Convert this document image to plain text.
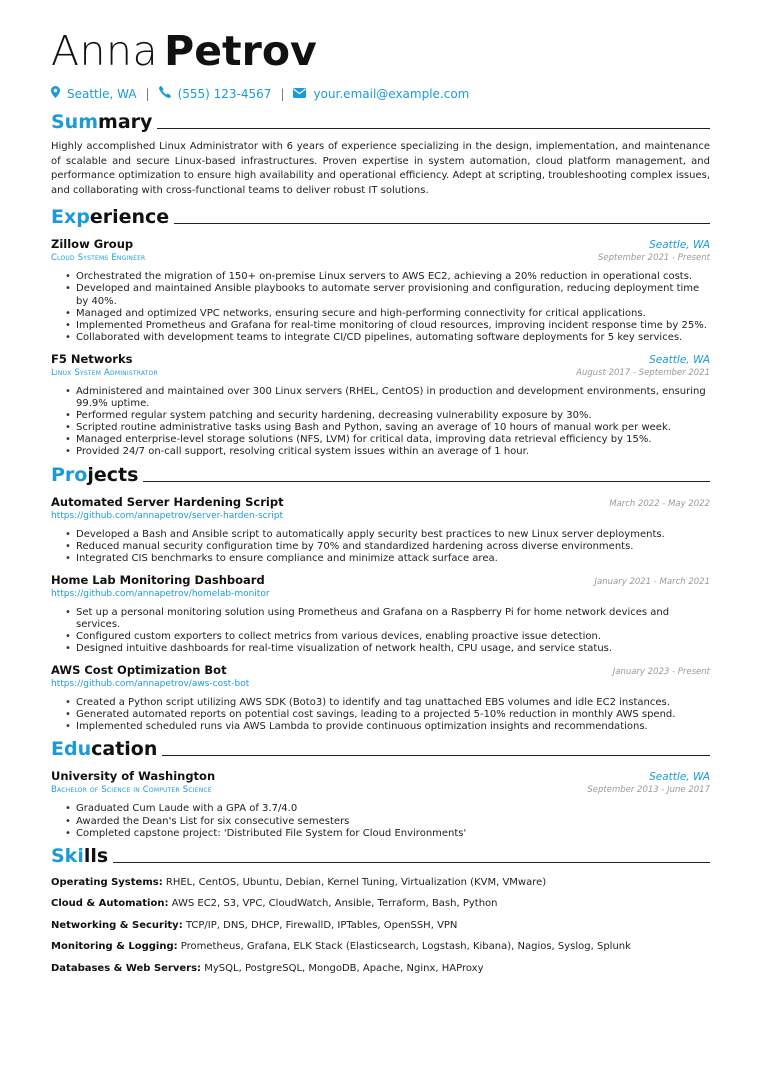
Anna Petrov
Seattle, WA | (555) 123-4567 | your.email@example.com
Summary

Highly accomplished Linux Administrator with 6 years of experience specializing in the design, implementation, and maintenance of scalable and secure Linux-based infrastructures. Proven expertise in system automation, cloud platform management, and performance optimization to ensure high availability and operational efficiency. Adept at scripting, troubleshooting complex issues, and collaborating with cross-functional teams to deliver robust IT solutions.

Experience
Zillow Group	Seattle, WA
Cloud Systems Engineer	September 2021 - Present
• Orchestrated the migration of 150+ on-premise Linux servers to AWS EC2, achieving a 20% reduction in operational costs.
• Developed and maintained Ansible playbooks to automate server provisioning and configuration, reducing deployment time by 40%.
• Managed and optimized VPC networks, ensuring secure and high-performing connectivity for critical applications.
• Implemented Prometheus and Grafana for real-time monitoring of cloud resources, improving incident response time by 25%.
• Collaborated with development teams to integrate CI/CD pipelines, automating software deployments for 5 key services.
F5 Networks	Seattle, WA
Linux System Administrator	August 2017 - September 2021
• Administered and maintained over 300 Linux servers (RHEL, CentOS) in production and development environments, ensuring 99.9% uptime.
• Performed regular system patching and security hardening, decreasing vulnerability exposure by 30%.
• Scripted routine administrative tasks using Bash and Python, saving an average of 10 hours of manual work per week.
• Managed enterprise-level storage solutions (NFS, LVM) for critical data, improving data retrieval efficiency by 15%.
• Provided 24/7 on-call support, resolving critical system issues within an average of 1 hour.
Projects
Automated Server Hardening Script	March 2022 - May 2022
https://github.com/annapetrov/server-harden-script
• Developed a Bash and Ansible script to automatically apply security best practices to new Linux server deployments.
• Reduced manual security configuration time by 70% and standardized hardening across diverse environments.
• Integrated CIS benchmarks to ensure compliance and minimize attack surface area.
Home Lab Monitoring Dashboard	January 2021 - March 2021
https://github.com/annapetrov/homelab-monitor
• Set up a personal monitoring solution using Prometheus and Grafana on a Raspberry Pi for home network devices and services.
• Configured custom exporters to collect metrics from various devices, enabling proactive issue detection.
• Designed intuitive dashboards for real-time visualization of network health, CPU usage, and service status.
AWS Cost Optimization Bot	January 2023 - Present
https://github.com/annapetrov/aws-cost-bot
• Created a Python script utilizing AWS SDK (Boto3) to identify and tag unattached EBS volumes and idle EC2 instances.
• Generated automated reports on potential cost savings, leading to a projected 5-10% reduction in monthly AWS spend.
• Implemented scheduled runs via AWS Lambda to provide continuous optimization insights and recommendations.
Education
University of Washington	Seattle, WA
Bachelor of Science in Computer Science	September 2013 - June 2017
• Graduated Cum Laude with a GPA of 3.7/4.0
• Awarded the Dean's List for six consecutive semesters
• Completed capstone project: 'Distributed File System for Cloud Environments'
Skills
Operating Systems: RHEL, CentOS, Ubuntu, Debian, Kernel Tuning, Virtualization (KVM, VMware)
Cloud & Automation: AWS EC2, S3, VPC, CloudWatch, Ansible, Terraform, Bash, Python
Networking & Security: TCP/IP, DNS, DHCP, FirewallD, IPTables, OpenSSH, VPN
Monitoring & Logging: Prometheus, Grafana, ELK Stack (Elasticsearch, Logstash, Kibana), Nagios, Syslog, Splunk
Databases & Web Servers: MySQL, PostgreSQL, MongoDB, Apache, Nginx, HAProxy
